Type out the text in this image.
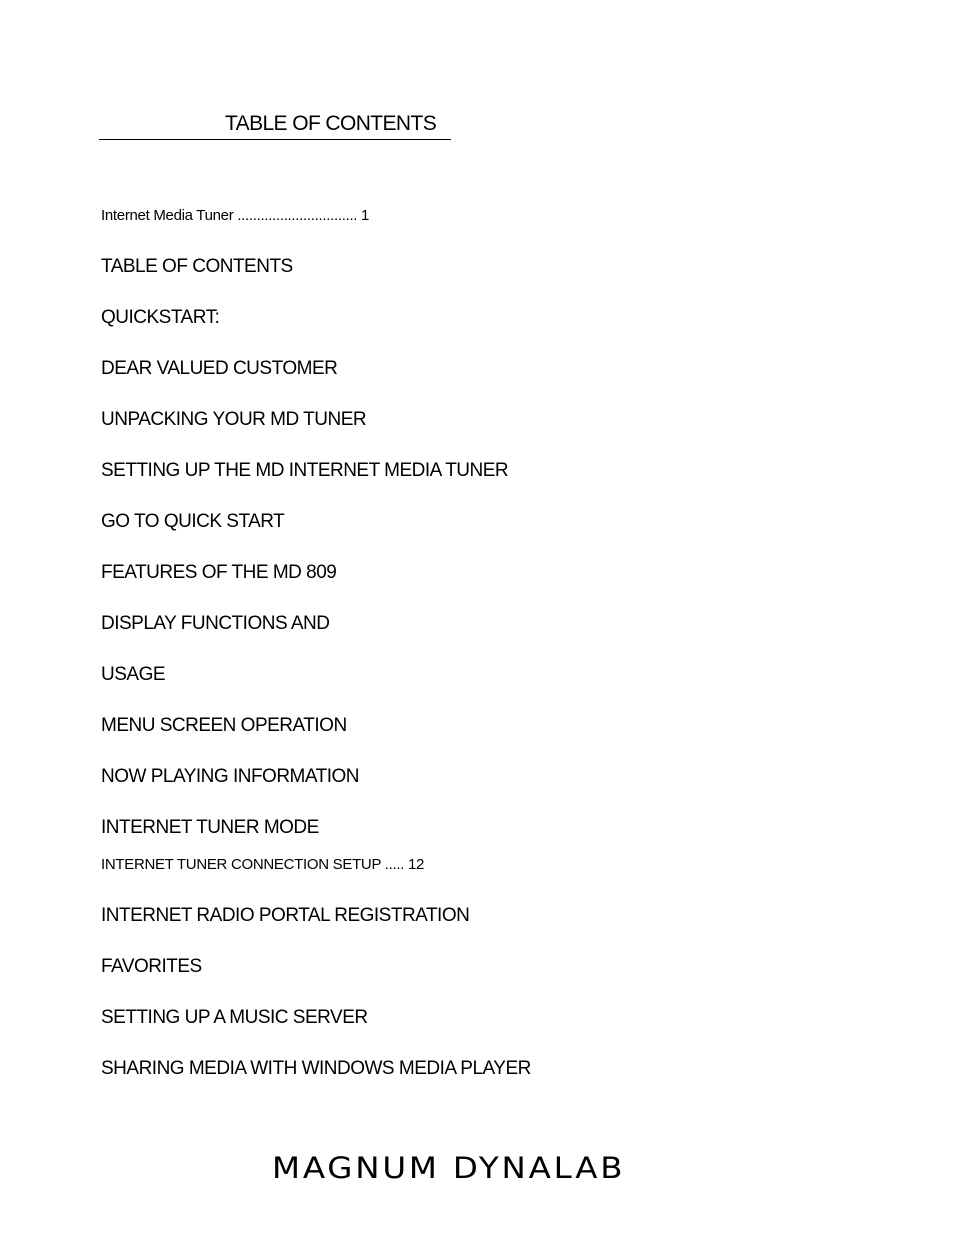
TABLE OF CONTENTS
Internet Media Tuner ............................... 1
TABLE OF CONTENTS
QUICKSTART:
DEAR VALUED CUSTOMER
UNPACKING YOUR MD TUNER
SETTING UP THE MD INTERNET MEDIA TUNER
GO TO QUICK START
FEATURES OF THE MD 809
DISPLAY FUNCTIONS AND
USAGE
MENU SCREEN OPERATION
NOW PLAYING INFORMATION
INTERNET TUNER MODE
INTERNET TUNER CONNECTION SETUP ..... 12
INTERNET RADIO PORTAL REGISTRATION
FAVORITES
SETTING UP A MUSIC SERVER
SHARING MEDIA WITH WINDOWS MEDIA PLAYER
MAGNUM DYNALAB
